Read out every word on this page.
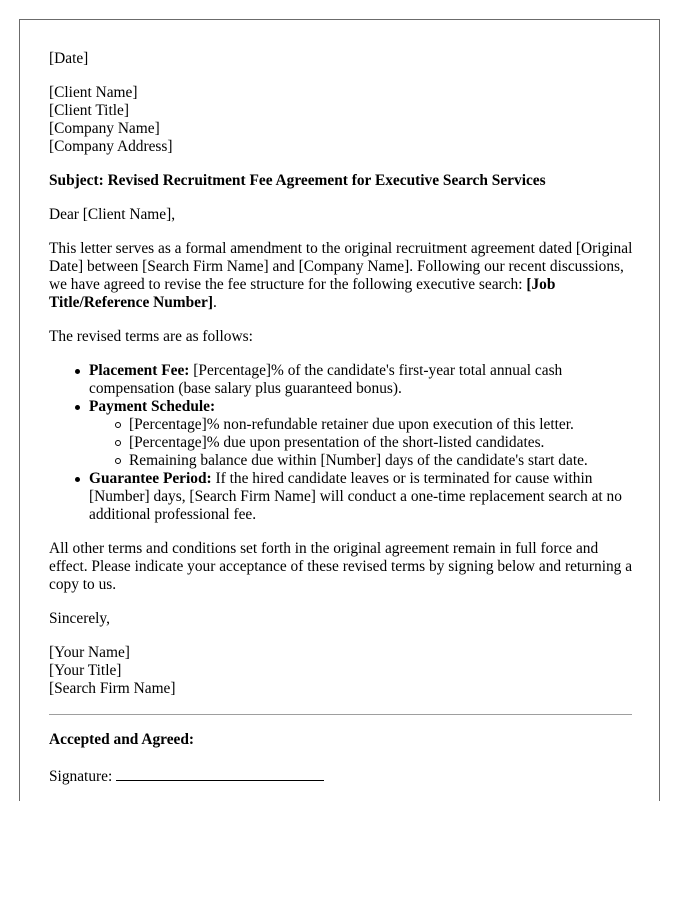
[Date]

[Client Name]
[Client Title]
[Company Name]
[Company Address]

Subject: Revised Recruitment Fee Agreement for Executive Search Services

Dear [Client Name],

This letter serves as a formal amendment to the original recruitment agreement dated [Original Date] between [Search Firm Name] and [Company Name]. Following our recent discussions, we have agreed to revise the fee structure for the following executive search: [Job Title/Reference Number].

The revised terms are as follows:

Placement Fee: [Percentage]% of the candidate's first-year total annual cash compensation (base salary plus guaranteed bonus).
Payment Schedule:
[Percentage]% non-refundable retainer due upon execution of this letter.
[Percentage]% due upon presentation of the short-listed candidates.
Remaining balance due within [Number] days of the candidate's start date.
Guarantee Period: If the hired candidate leaves or is terminated for cause within [Number] days, [Search Firm Name] will conduct a one-time replacement search at no additional professional fee.

All other terms and conditions set forth in the original agreement remain in full force and effect. Please indicate your acceptance of these revised terms by signing below and returning a copy to us.

Sincerely,

[Your Name]
[Your Title]
[Search Firm Name]

Accepted and Agreed:

Signature:
